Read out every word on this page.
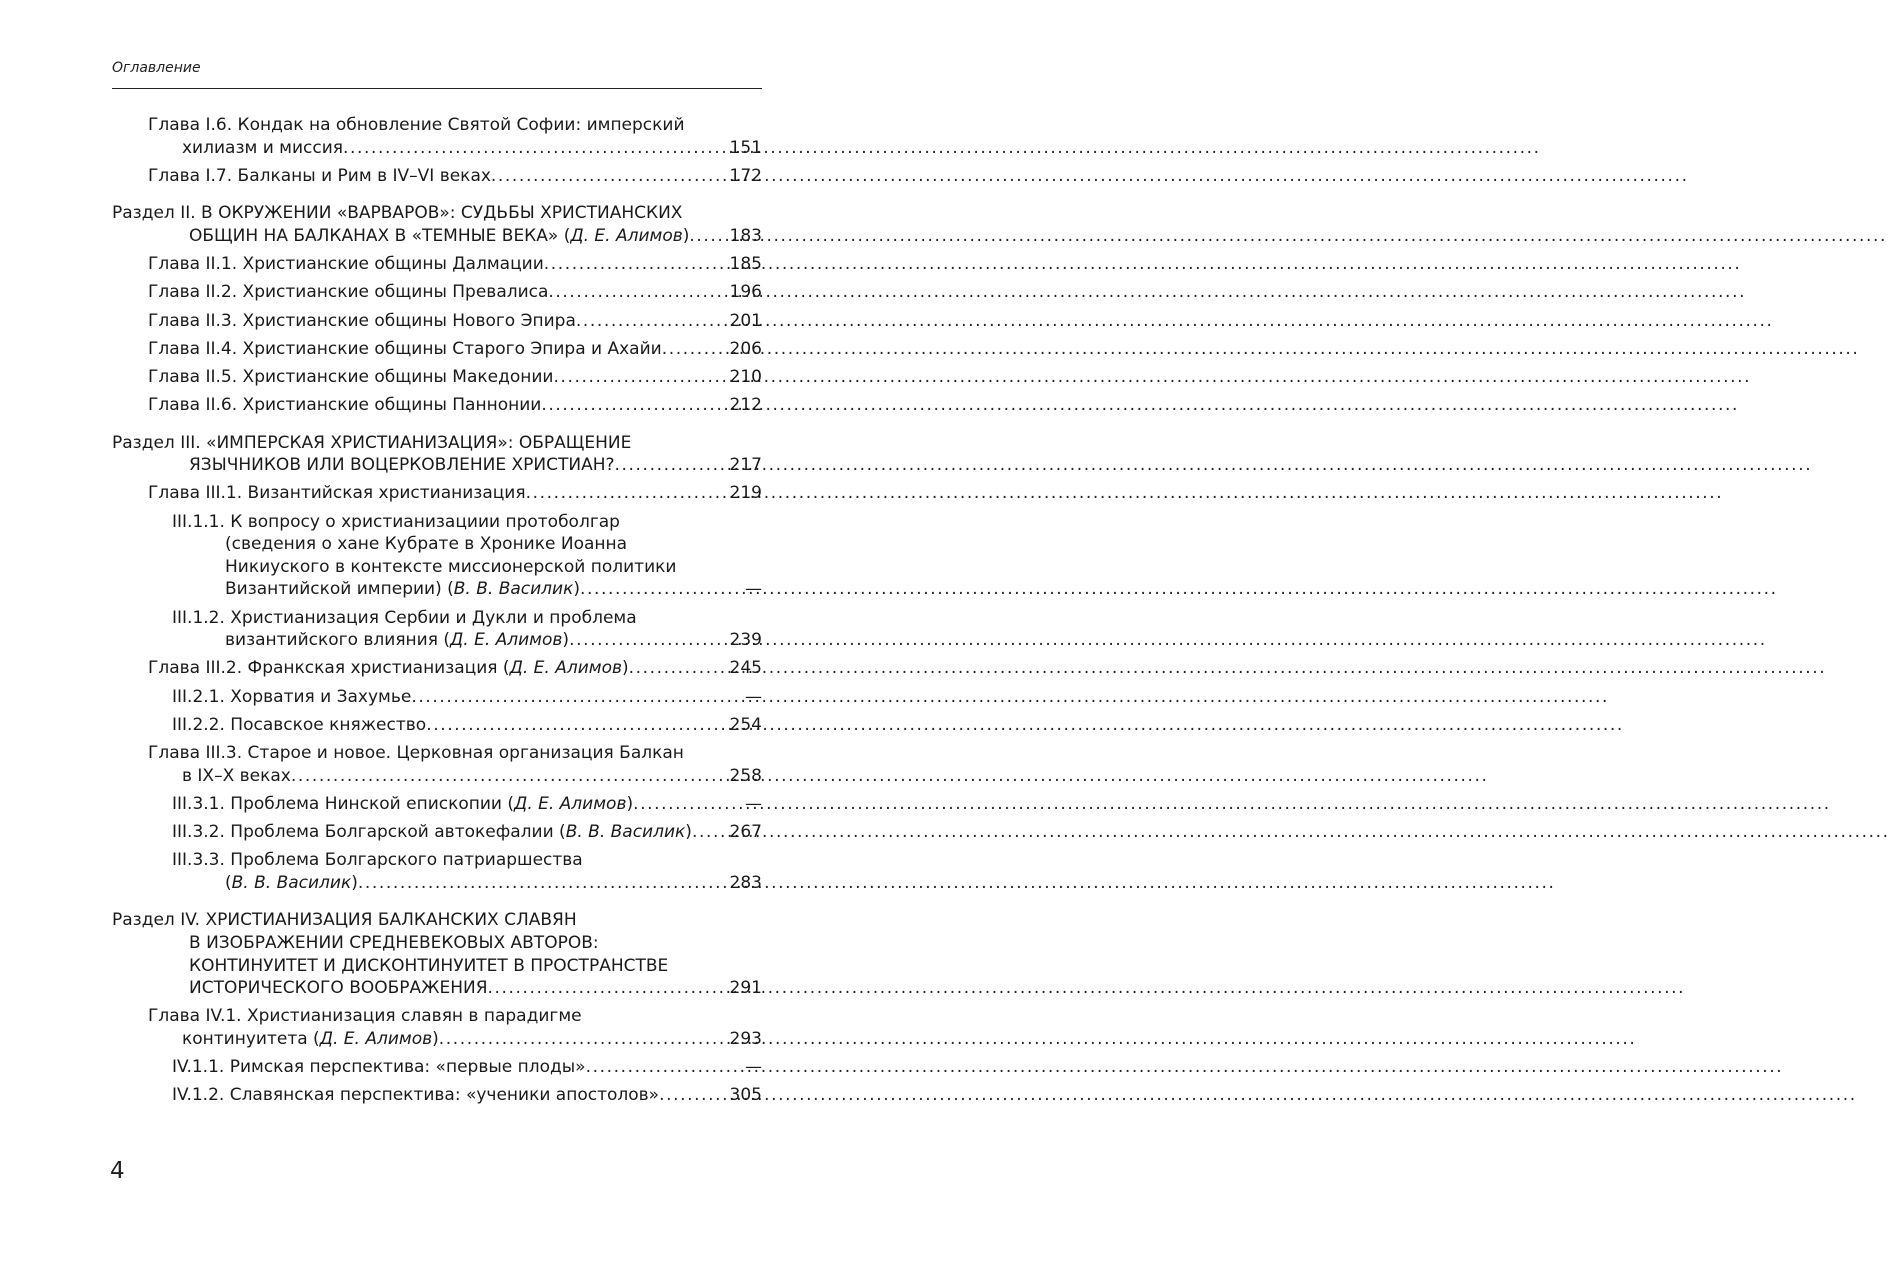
Оглавление
Глава I.6. Кондак на обновление Святой Софии: имперский
хилиазм и миссия .....	151
Глава I.7. Балканы и Рим в IV–VI веках .....	172
Раздел II. В ОКРУЖЕНИИ «ВАРВАРОВ»: СУДЬБЫ ХРИСТИАНСКИХ
ОБЩИН НА БАЛКАНАХ В «ТЕМНЫЕ ВЕКА» (Д. Е. Алимов) .....	183
Глава II.1. Христианские общины Далмации .....	185
Глава II.2. Христианские общины Превалиса .....	196
Глава II.3. Христианские общины Нового Эпира .....	201
Глава II.4. Христианские общины Старого Эпира и Ахайи .....	206
Глава II.5. Христианские общины Македонии .....	210
Глава II.6. Христианские общины Паннонии .....	212
Раздел III. «ИМПЕРСКАЯ ХРИСТИАНИЗАЦИЯ»: ОБРАЩЕНИЕ
ЯЗЫЧНИКОВ ИЛИ ВОЦЕРКОВЛЕНИЕ ХРИСТИАН? .....	217
Глава III.1. Византийская христианизация .....	219
III.1.1. К вопросу о христианизациии протоболгар
(сведения о хане Кубрате в Хронике Иоанна
Никиуского в контексте миссионерской политики
Византийской империи) (В. В. Василик) .....	—
III.1.2. Христианизация Сербии и Дукли и проблема
византийского влияния (Д. Е. Алимов) .....	239
Глава III.2. Франкская христианизация (Д. Е. Алимов) .....	245
III.2.1. Хорватия и Захумье .....	—
III.2.2. Посавское княжество .....	254
Глава III.3. Старое и новое. Церковная организация Балкан
в IX–X веках .....	258
III.3.1. Проблема Нинской епископии (Д. Е. Алимов) .....	—
III.3.2. Проблема Болгарской автокефалии (В. В. Василик) .....	267
III.3.3. Проблема Болгарского патриаршества
(В. В. Василик) .....	283
Раздел IV. ХРИСТИАНИЗАЦИЯ БАЛКАНСКИХ СЛАВЯН
В ИЗОБРАЖЕНИИ СРЕДНЕВЕКОВЫХ АВТОРОВ:
КОНТИНУИТЕТ И ДИСКОНТИНУИТЕТ В ПРОСТРАНСТВЕ
ИСТОРИЧЕСКОГО ВООБРАЖЕНИЯ .....	291
Глава IV.1. Христианизация славян в парадигме
континуитета (Д. Е. Алимов) .....	293
IV.1.1. Римская перспектива: «первые плоды» .....	—
IV.1.2. Славянская перспектива: «ученики апостолов» .....	305
4
